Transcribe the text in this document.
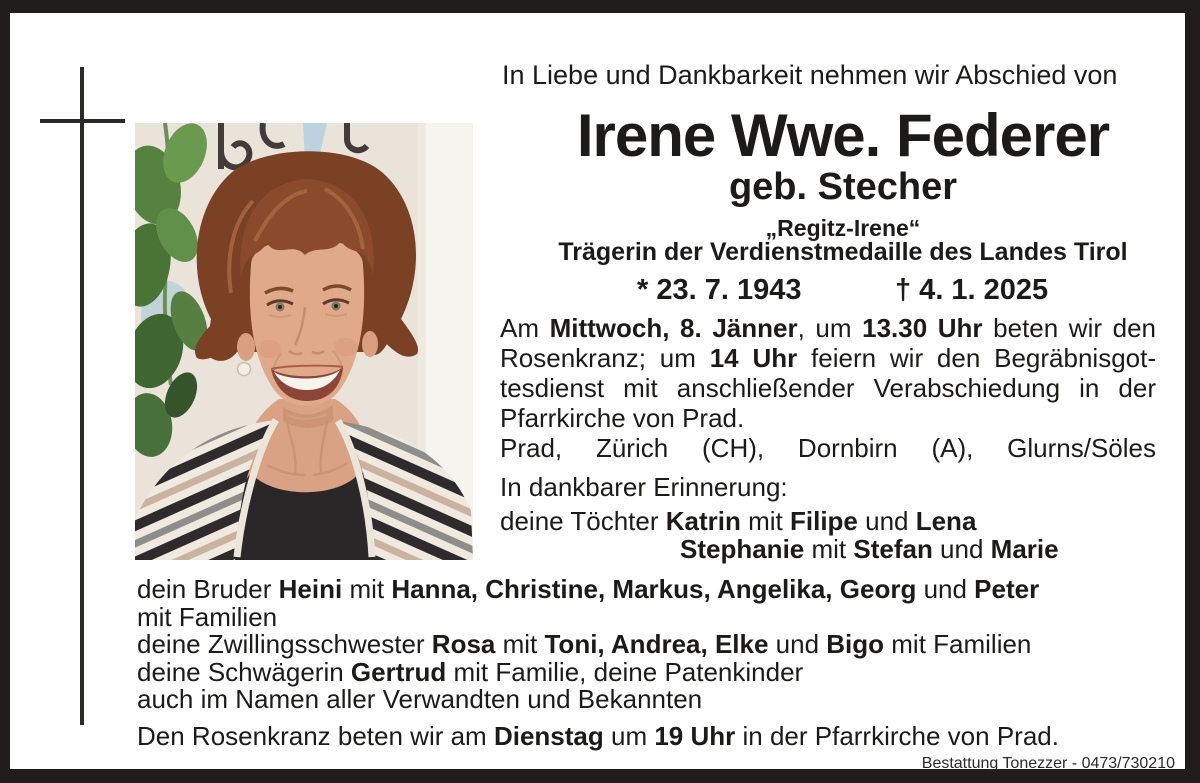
In Liebe und Dankbarkeit nehmen wir Abschied von
Irene Wwe. Federer
geb. Stecher
„Regitz-Irene“
Trägerin der Verdienstmedaille des Landes Tirol
* 23. 7. 1943	† 4. 1. 2025
Am Mittwoch, 8. Jänner, um 13.30 Uhr beten wir den
Rosenkranz; um 14 Uhr feiern wir den Begräbnisgot-
tesdienst mit anschließender Verabschiedung in der
Pfarrkirche von Prad.
Prad, Zürich (CH), Dornbirn (A), Glurns/Söles
In dankbarer Erinnerung:
deine Töchter Katrin mit Filipe und Lena
Stephanie mit Stefan und Marie
dein Bruder Heini mit Hanna, Christine, Markus, Angelika, Georg und Peter
mit Familien
deine Zwillingsschwester Rosa mit Toni, Andrea, Elke und Bigo mit Familien
deine Schwägerin Gertrud mit Familie, deine Patenkinder
auch im Namen aller Verwandten und Bekannten
Den Rosenkranz beten wir am Dienstag um 19 Uhr in der Pfarrkirche von Prad.
Bestattung Tonezzer - 0473/730210
